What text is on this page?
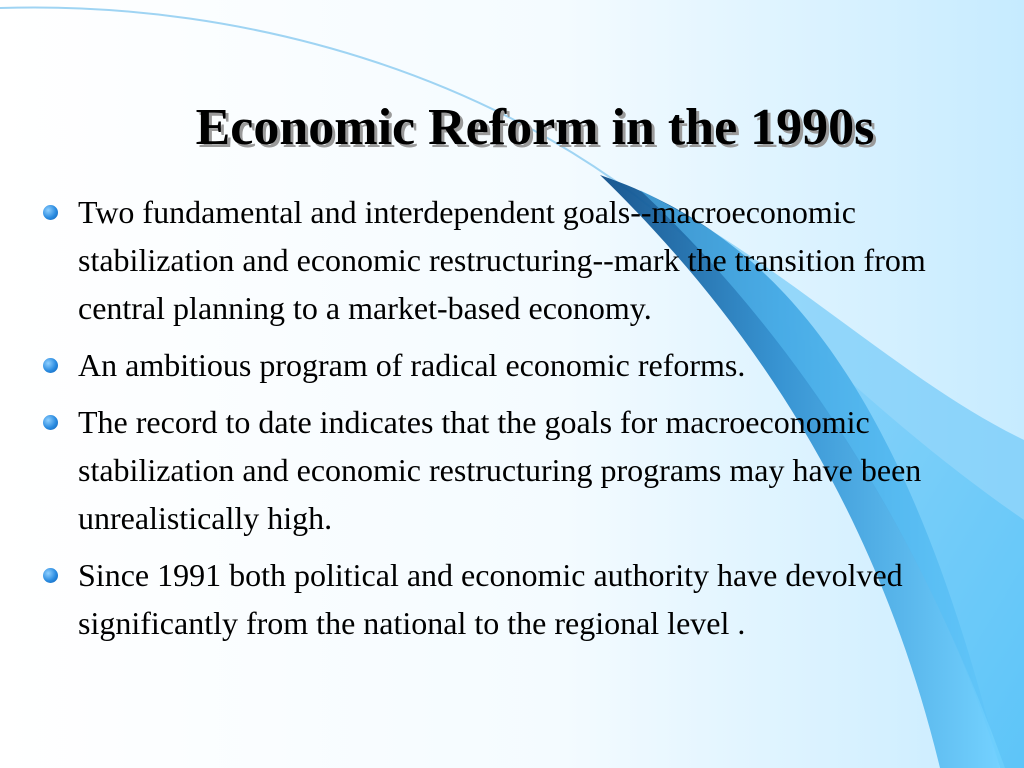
Economic Reform in the 1990s
Two fundamental and interdependent goals--macroeconomic stabilization and economic restructuring--mark the transition from central planning to a market-based economy.
An ambitious program of radical economic reforms.
The record to date indicates that the goals for macroeconomic stabilization and economic restructuring programs may have been unrealistically high.
Since 1991 both political and economic authority have devolved significantly from the national to the regional level .
